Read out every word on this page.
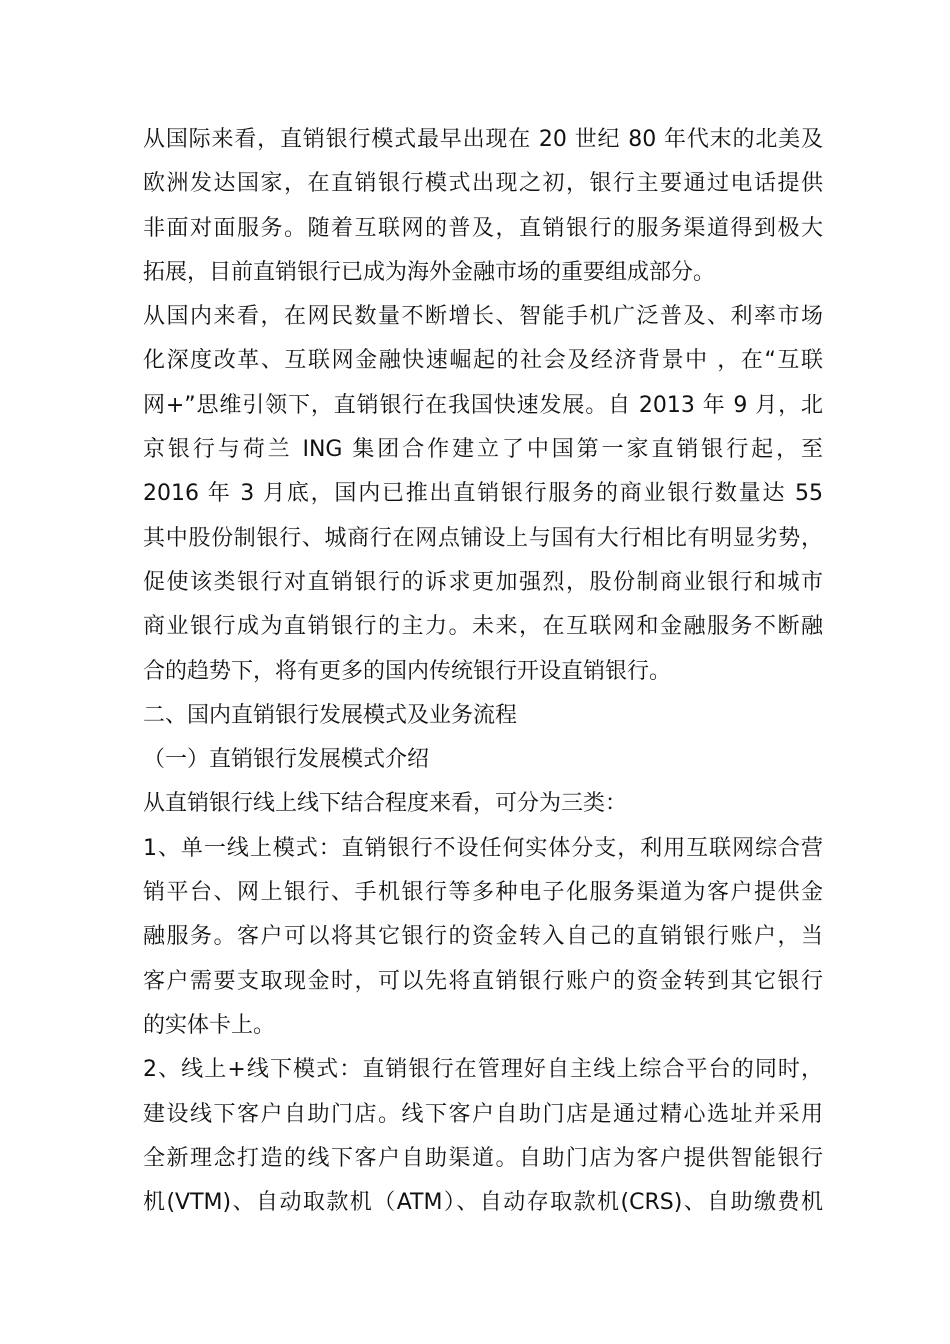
从国际来看，直销银行模式最早出现在 20 世纪 80 年代末的北美及
欧洲发达国家，在直销银行模式出现之初，银行主要通过电话提供
非面对面服务。随着互联网的普及，直销银行的服务渠道得到极大
拓展，目前直销银行已成为海外金融市场的重要组成部分。
从国内来看，在网民数量不断增长、智能手机广泛普及、利率市场
化深度改革、互联网金融快速崛起的社会及经济背景中 ，在“互联
网+”思维引领下，直销银行在我国快速发展。自 2013 年 9 月，北
京银行与荷兰 ING 集团合作建立了中国第一家直销银行起，至
2016 年 3 月底，国内已推出直销银行服务的商业银行数量达 55
其中股份制银行、城商行在网点铺设上与国有大行相比有明显劣势，
促使该类银行对直销银行的诉求更加强烈，股份制商业银行和城市
商业银行成为直销银行的主力。未来，在互联网和金融服务不断融
合的趋势下，将有更多的国内传统银行开设直销银行。
二、国内直销银行发展模式及业务流程
（一）直销银行发展模式介绍
从直销银行线上线下结合程度来看，可分为三类：
1、单一线上模式：直销银行不设任何实体分支，利用互联网综合营
销平台、网上银行、手机银行等多种电子化服务渠道为客户提供金
融服务。客户可以将其它银行的资金转入自己的直销银行账户，当
客户需要支取现金时，可以先将直销银行账户的资金转到其它银行
的实体卡上。
2、线上+线下模式：直销银行在管理好自主线上综合平台的同时，
建设线下客户自助门店。线下客户自助门店是通过精心选址并采用
全新理念打造的线下客户自助渠道。自助门店为客户提供智能银行
机(VTM)、自动取款机（ATM）、自动存取款机(CRS)、自助缴费机
